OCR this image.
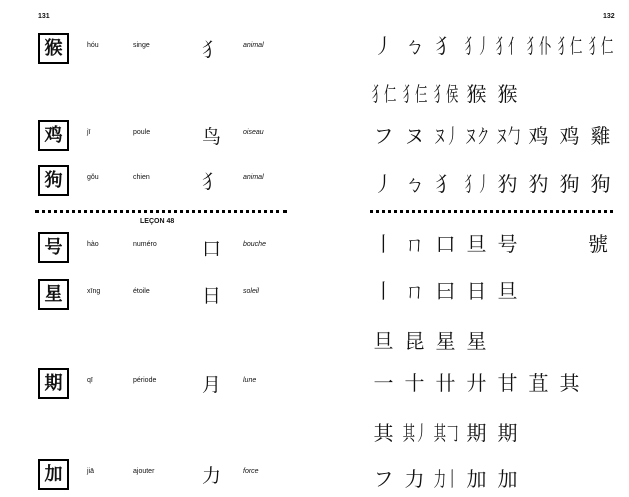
131	132
猴	hóu	singe	犭	animal
鸡	jī	poule	鸟	oiseau
狗	gǒu	chien	犭	animal
LEÇON 48
号	hào	numéro 口	bouche
星	xīng	étoile	日	soleil
期	qī	période 月	lune
加	jiā	ajouter	力	force
丿 ㄅ 犭 犭丿 犭亻 犭仆 犭仁 犭仁
犭仁 犭仨 犭侯 猴 猴
フ ヌ ヌ丿 ヌク ヌ勹 鸡 鸡 雞
丿 ㄅ 犭 犭丿 犳 犳 狗 狗
丨 ㄇ 口 旦 号
丨 ㄇ 曰 日 旦
旦 昆 星 星
一 十 卄 廾 甘 苴 其
其 其丿 其𠃌 期 期
フ 力 力丨 加 加
號
